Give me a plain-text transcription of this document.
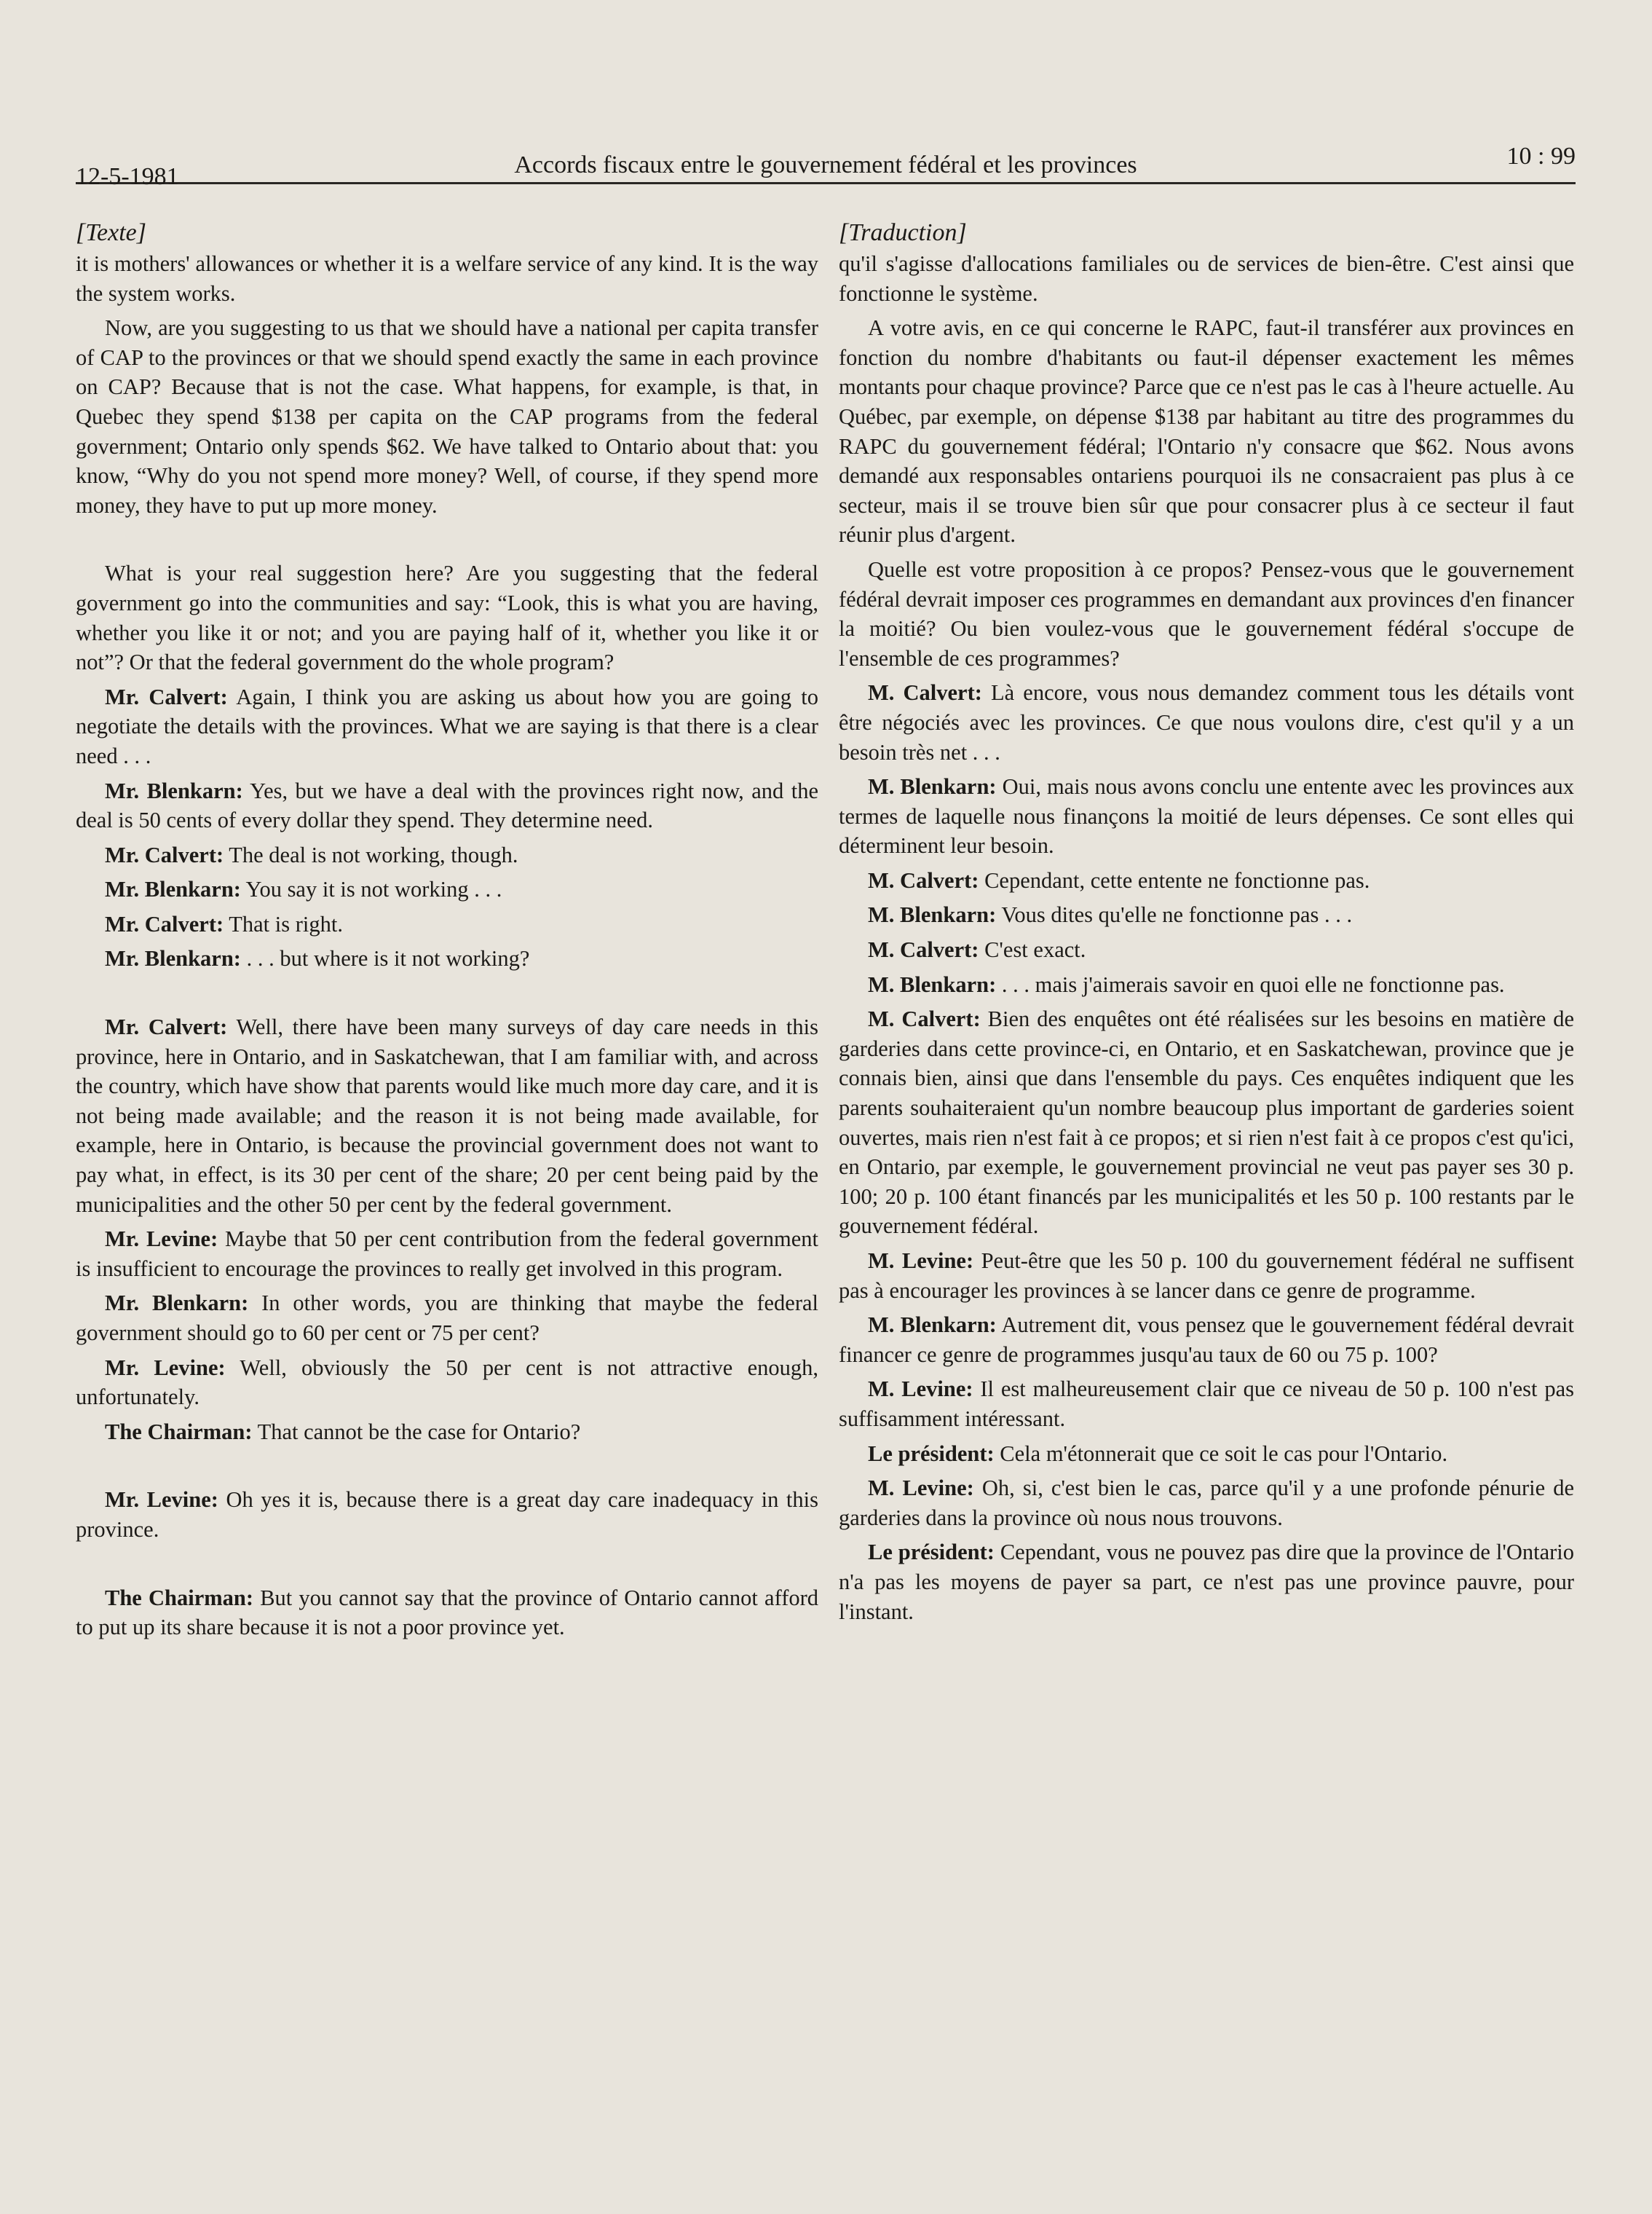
12-5-1981	Accords fiscaux entre le gouvernement fédéral et les provinces	10 : 99
[Texte]

it is mothers' allowances or whether it is a welfare service of any kind. It is the way the system works.

Now, are you suggesting to us that we should have a national per capita transfer of CAP to the provinces or that we should spend exactly the same in each province on CAP? Because that is not the case. What happens, for example, is that, in Quebec they spend $138 per capita on the CAP programs from the federal government; Ontario only spends $62. We have talked to Ontario about that: you know, “Why do you not spend more money? Well, of course, if they spend more money, they have to put up more money.

What is your real suggestion here? Are you suggesting that the federal government go into the communities and say: “Look, this is what you are having, whether you like it or not; and you are paying half of it, whether you like it or not”? Or that the federal government do the whole program?

Mr. Calvert: Again, I think you are asking us about how you are going to negotiate the details with the provinces. What we are saying is that there is a clear need . . .

Mr. Blenkarn: Yes, but we have a deal with the provinces right now, and the deal is 50 cents of every dollar they spend. They determine need.

Mr. Calvert: The deal is not working, though.

Mr. Blenkarn: You say it is not working . . .

Mr. Calvert: That is right.

Mr. Blenkarn: . . . but where is it not working?

Mr. Calvert: Well, there have been many surveys of day care needs in this province, here in Ontario, and in Saskatchewan, that I am familiar with, and across the country, which have show that parents would like much more day care, and it is not being made available; and the reason it is not being made available, for example, here in Ontario, is because the provincial government does not want to pay what, in effect, is its 30 per cent of the share; 20 per cent being paid by the municipalities and the other 50 per cent by the federal government.

Mr. Levine: Maybe that 50 per cent contribution from the federal government is insufficient to encourage the provinces to really get involved in this program.

Mr. Blenkarn: In other words, you are thinking that maybe the federal government should go to 60 per cent or 75 per cent?

Mr. Levine: Well, obviously the 50 per cent is not attractive enough, unfortunately.

The Chairman: That cannot be the case for Ontario?

Mr. Levine: Oh yes it is, because there is a great day care inadequacy in this province.

The Chairman: But you cannot say that the province of Ontario cannot afford to put up its share because it is not a poor province yet.

[Traduction]

qu'il s'agisse d'allocations familiales ou de services de bien-être. C'est ainsi que fonctionne le système.

A votre avis, en ce qui concerne le RAPC, faut-il transférer aux provinces en fonction du nombre d'habitants ou faut-il dépenser exactement les mêmes montants pour chaque province? Parce que ce n'est pas le cas à l'heure actuelle. Au Québec, par exemple, on dépense $138 par habitant au titre des programmes du RAPC du gouvernement fédéral; l'Ontario n'y consacre que $62. Nous avons demandé aux responsables ontariens pourquoi ils ne consacraient pas plus à ce secteur, mais il se trouve bien sûr que pour consacrer plus à ce secteur il faut réunir plus d'argent.

Quelle est votre proposition à ce propos? Pensez-vous que le gouvernement fédéral devrait imposer ces programmes en demandant aux provinces d'en financer la moitié? Ou bien voulez-vous que le gouvernement fédéral s'occupe de l'ensemble de ces programmes?

M. Calvert: Là encore, vous nous demandez comment tous les détails vont être négociés avec les provinces. Ce que nous voulons dire, c'est qu'il y a un besoin très net . . .

M. Blenkarn: Oui, mais nous avons conclu une entente avec les provinces aux termes de laquelle nous finançons la moitié de leurs dépenses. Ce sont elles qui déterminent leur besoin.

M. Calvert: Cependant, cette entente ne fonctionne pas.

M. Blenkarn: Vous dites qu'elle ne fonctionne pas . . .

M. Calvert: C'est exact.

M. Blenkarn: . . . mais j'aimerais savoir en quoi elle ne fonctionne pas.

M. Calvert: Bien des enquêtes ont été réalisées sur les besoins en matière de garderies dans cette province-ci, en Ontario, et en Saskatchewan, province que je connais bien, ainsi que dans l'ensemble du pays. Ces enquêtes indiquent que les parents souhaiteraient qu'un nombre beaucoup plus important de garderies soient ouvertes, mais rien n'est fait à ce propos; et si rien n'est fait à ce propos c'est qu'ici, en Ontario, par exemple, le gouvernement provincial ne veut pas payer ses 30 p. 100; 20 p. 100 étant financés par les municipalités et les 50 p. 100 restants par le gouvernement fédéral.

M. Levine: Peut-être que les 50 p. 100 du gouvernement fédéral ne suffisent pas à encourager les provinces à se lancer dans ce genre de programme.

M. Blenkarn: Autrement dit, vous pensez que le gouvernement fédéral devrait financer ce genre de programmes jusqu'au taux de 60 ou 75 p. 100?

M. Levine: Il est malheureusement clair que ce niveau de 50 p. 100 n'est pas suffisamment intéressant.

Le président: Cela m'étonnerait que ce soit le cas pour l'Ontario.

M. Levine: Oh, si, c'est bien le cas, parce qu'il y a une profonde pénurie de garderies dans la province où nous nous trouvons.

Le président: Cependant, vous ne pouvez pas dire que la province de l'Ontario n'a pas les moyens de payer sa part, ce n'est pas une province pauvre, pour l'instant.
